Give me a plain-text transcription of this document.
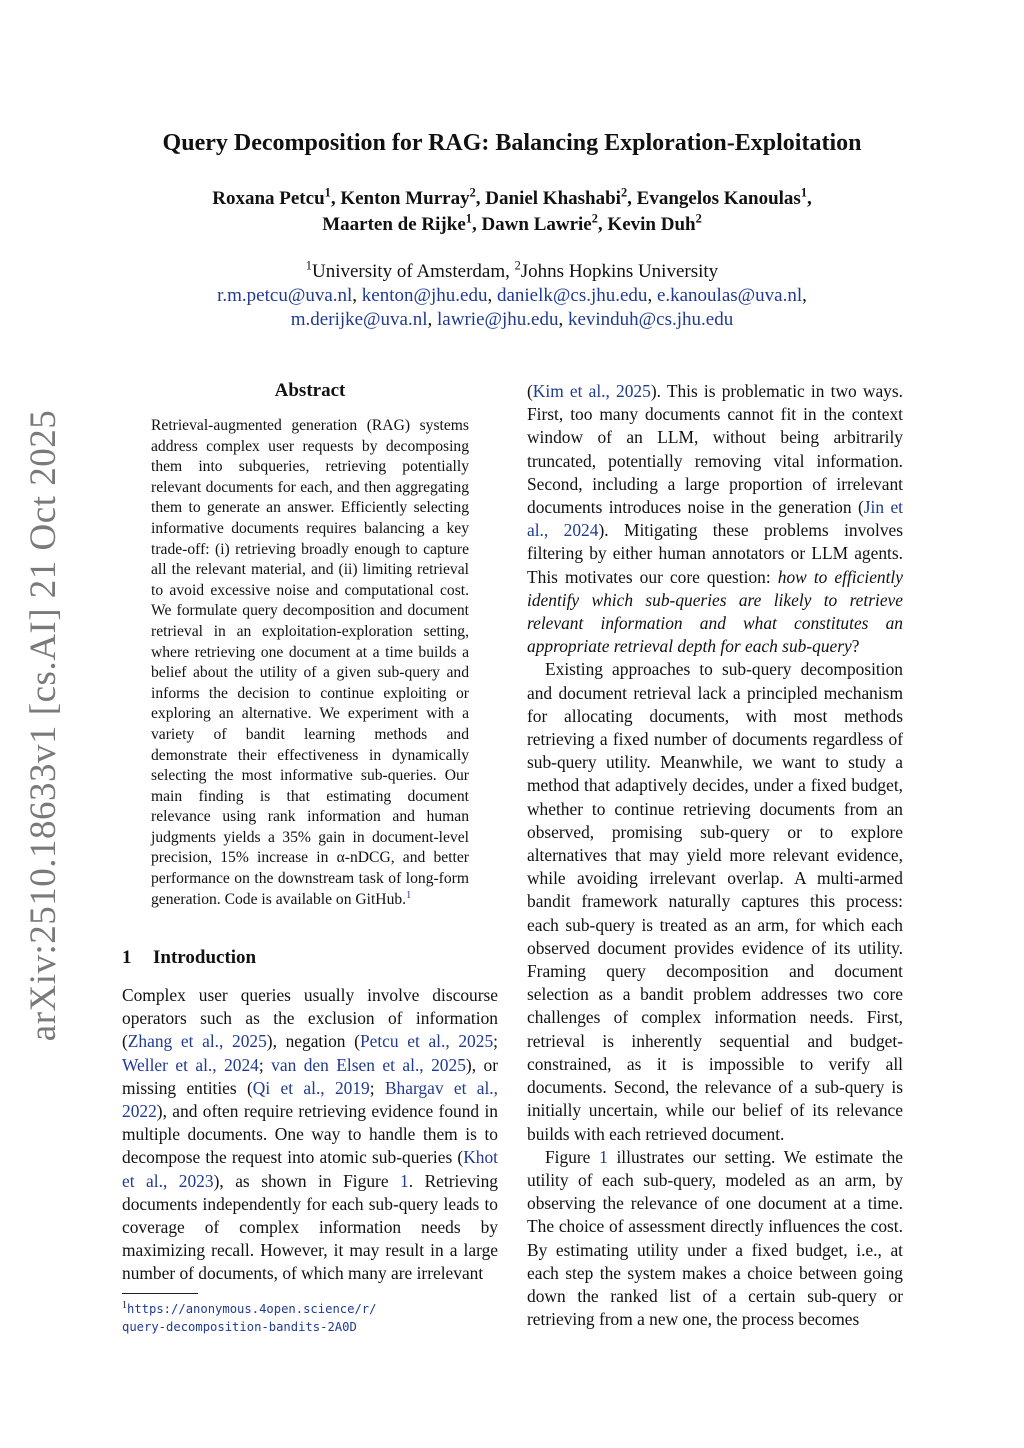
arXiv:2510.18633v1 [cs.AI] 21 Oct 2025
Query Decomposition for RAG: Balancing Exploration-Exploitation
Roxana Petcu$^1$, Kenton Murray$^2$, Daniel Khashabi$^2$, Evangelos Kanoulas$^1$,
Maarten de Rijke$^1$, Dawn Lawrie$^2$, Kevin Duh$^2$
$^1$University of Amsterdam, $^2$Johns Hopkins University
r.m.petcu@uva.nl, kenton@jhu.edu, danielk@cs.jhu.edu, e.kanoulas@uva.nl,
m.derijke@uva.nl, lawrie@jhu.edu, kevinduh@cs.jhu.edu
Abstract
Retrieval-augmented generation (RAG) systems address complex user requests by decomposing them into subqueries, retrieving potentially relevant documents for each, and then aggregating them to generate an answer. Efficiently selecting informative documents requires balancing a key trade-off: (i) retrieving broadly enough to capture all the relevant material, and (ii) limiting retrieval to avoid excessive noise and computational cost. We formulate query decomposition and document retrieval in an exploitation-exploration setting, where retrieving one document at a time builds a belief about the utility of a given sub-query and informs the decision to continue exploiting or exploring an alternative. We experiment with a variety of bandit learning methods and demonstrate their effectiveness in dynamically selecting the most informative sub-queries. Our main finding is that estimating document relevance using rank information and human judgments yields a 35% gain in document-level precision, 15% increase in α-nDCG, and better performance on the downstream task of long-form generation. Code is available on GitHub.$^1$
1 Introduction
Complex user queries usually involve discourse operators such as the exclusion of information (Zhang et al., 2025), negation (Petcu et al., 2025; Weller et al., 2024; van den Elsen et al., 2025), or missing entities (Qi et al., 2019; Bhargav et al., 2022), and often require retrieving evidence found in multiple documents. One way to handle them is to decompose the request into atomic sub-queries (Khot et al., 2023), as shown in Figure 1. Retrieving documents independently for each sub-query leads to coverage of complex information needs by maximizing recall. However, it may result in a large number of documents, of which many are irrelevant
$^1$https://anonymous.4open.science/r/
query-decomposition-bandits-2A0D

(Kim et al., 2025). This is problematic in two ways. First, too many documents cannot fit in the context window of an LLM, without being arbitrarily truncated, potentially removing vital information. Second, including a large proportion of irrelevant documents introduces noise in the generation (Jin et al., 2024). Mitigating these problems involves filtering by either human annotators or LLM agents. This motivates our core question: how to efficiently identify which sub-queries are likely to retrieve relevant information and what constitutes an appropriate retrieval depth for each sub-query?

Existing approaches to sub-query decomposition and document retrieval lack a principled mechanism for allocating documents, with most methods retrieving a fixed number of documents regardless of sub-query utility. Meanwhile, we want to study a method that adaptively decides, under a fixed budget, whether to continue retrieving documents from an observed, promising sub-query or to explore alternatives that may yield more relevant evidence, while avoiding irrelevant overlap. A multi-armed bandit framework naturally captures this process: each sub-query is treated as an arm, for which each observed document provides evidence of its utility. Framing query decomposition and document selection as a bandit problem addresses two core challenges of complex information needs. First, retrieval is inherently sequential and budget-constrained, as it is impossible to verify all documents. Second, the relevance of a sub-query is initially uncertain, while our belief of its relevance builds with each retrieved document.

Figure 1 illustrates our setting. We estimate the utility of each sub-query, modeled as an arm, by observing the relevance of one document at a time. The choice of assessment directly influences the cost. By estimating utility under a fixed budget, i.e., at each step the system makes a choice between going down the ranked list of a certain sub-query or retrieving from a new one, the process becomes
